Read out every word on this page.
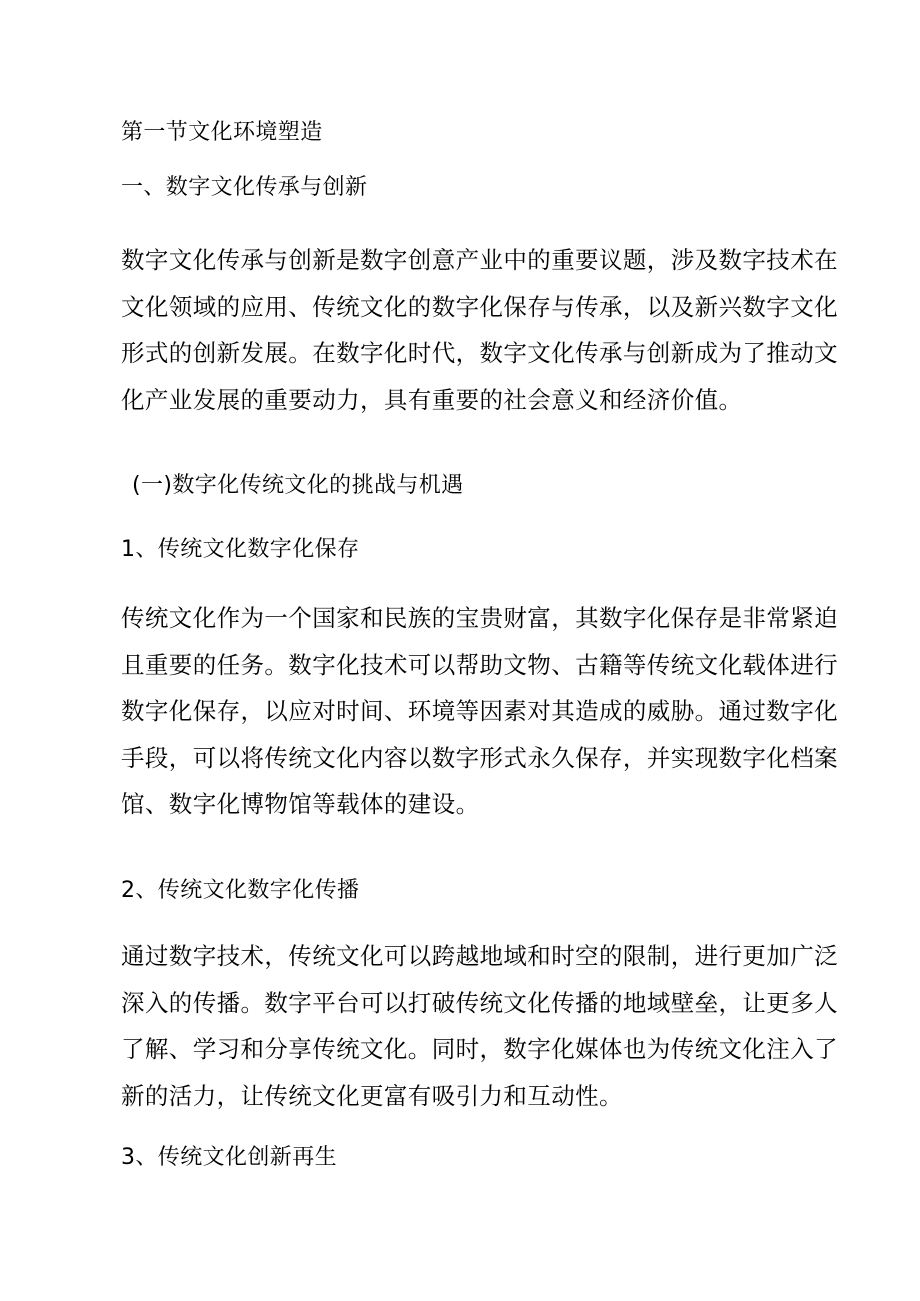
第一节文化环境塑造
一、数字文化传承与创新

数字文化传承与创新是数字创意产业中的重要议题，涉及数字技术在文化领域的应用、传统文化的数字化保存与传承，以及新兴数字文化形式的创新发展。在数字化时代，数字文化传承与创新成为了推动文化产业发展的重要动力，具有重要的社会意义和经济价值。

(一)数字化传统文化的挑战与机遇
1、传统文化数字化保存

传统文化作为一个国家和民族的宝贵财富，其数字化保存是非常紧迫且重要的任务。数字化技术可以帮助文物、古籍等传统文化载体进行数字化保存，以应对时间、环境等因素对其造成的威胁。通过数字化手段，可以将传统文化内容以数字形式永久保存，并实现数字化档案馆、数字化博物馆等载体的建设。

2、传统文化数字化传播

通过数字技术，传统文化可以跨越地域和时空的限制，进行更加广泛深入的传播。数字平台可以打破传统文化传播的地域壁垒，让更多人了解、学习和分享传统文化。同时，数字化媒体也为传统文化注入了新的活力，让传统文化更富有吸引力和互动性。

3、传统文化创新再生
